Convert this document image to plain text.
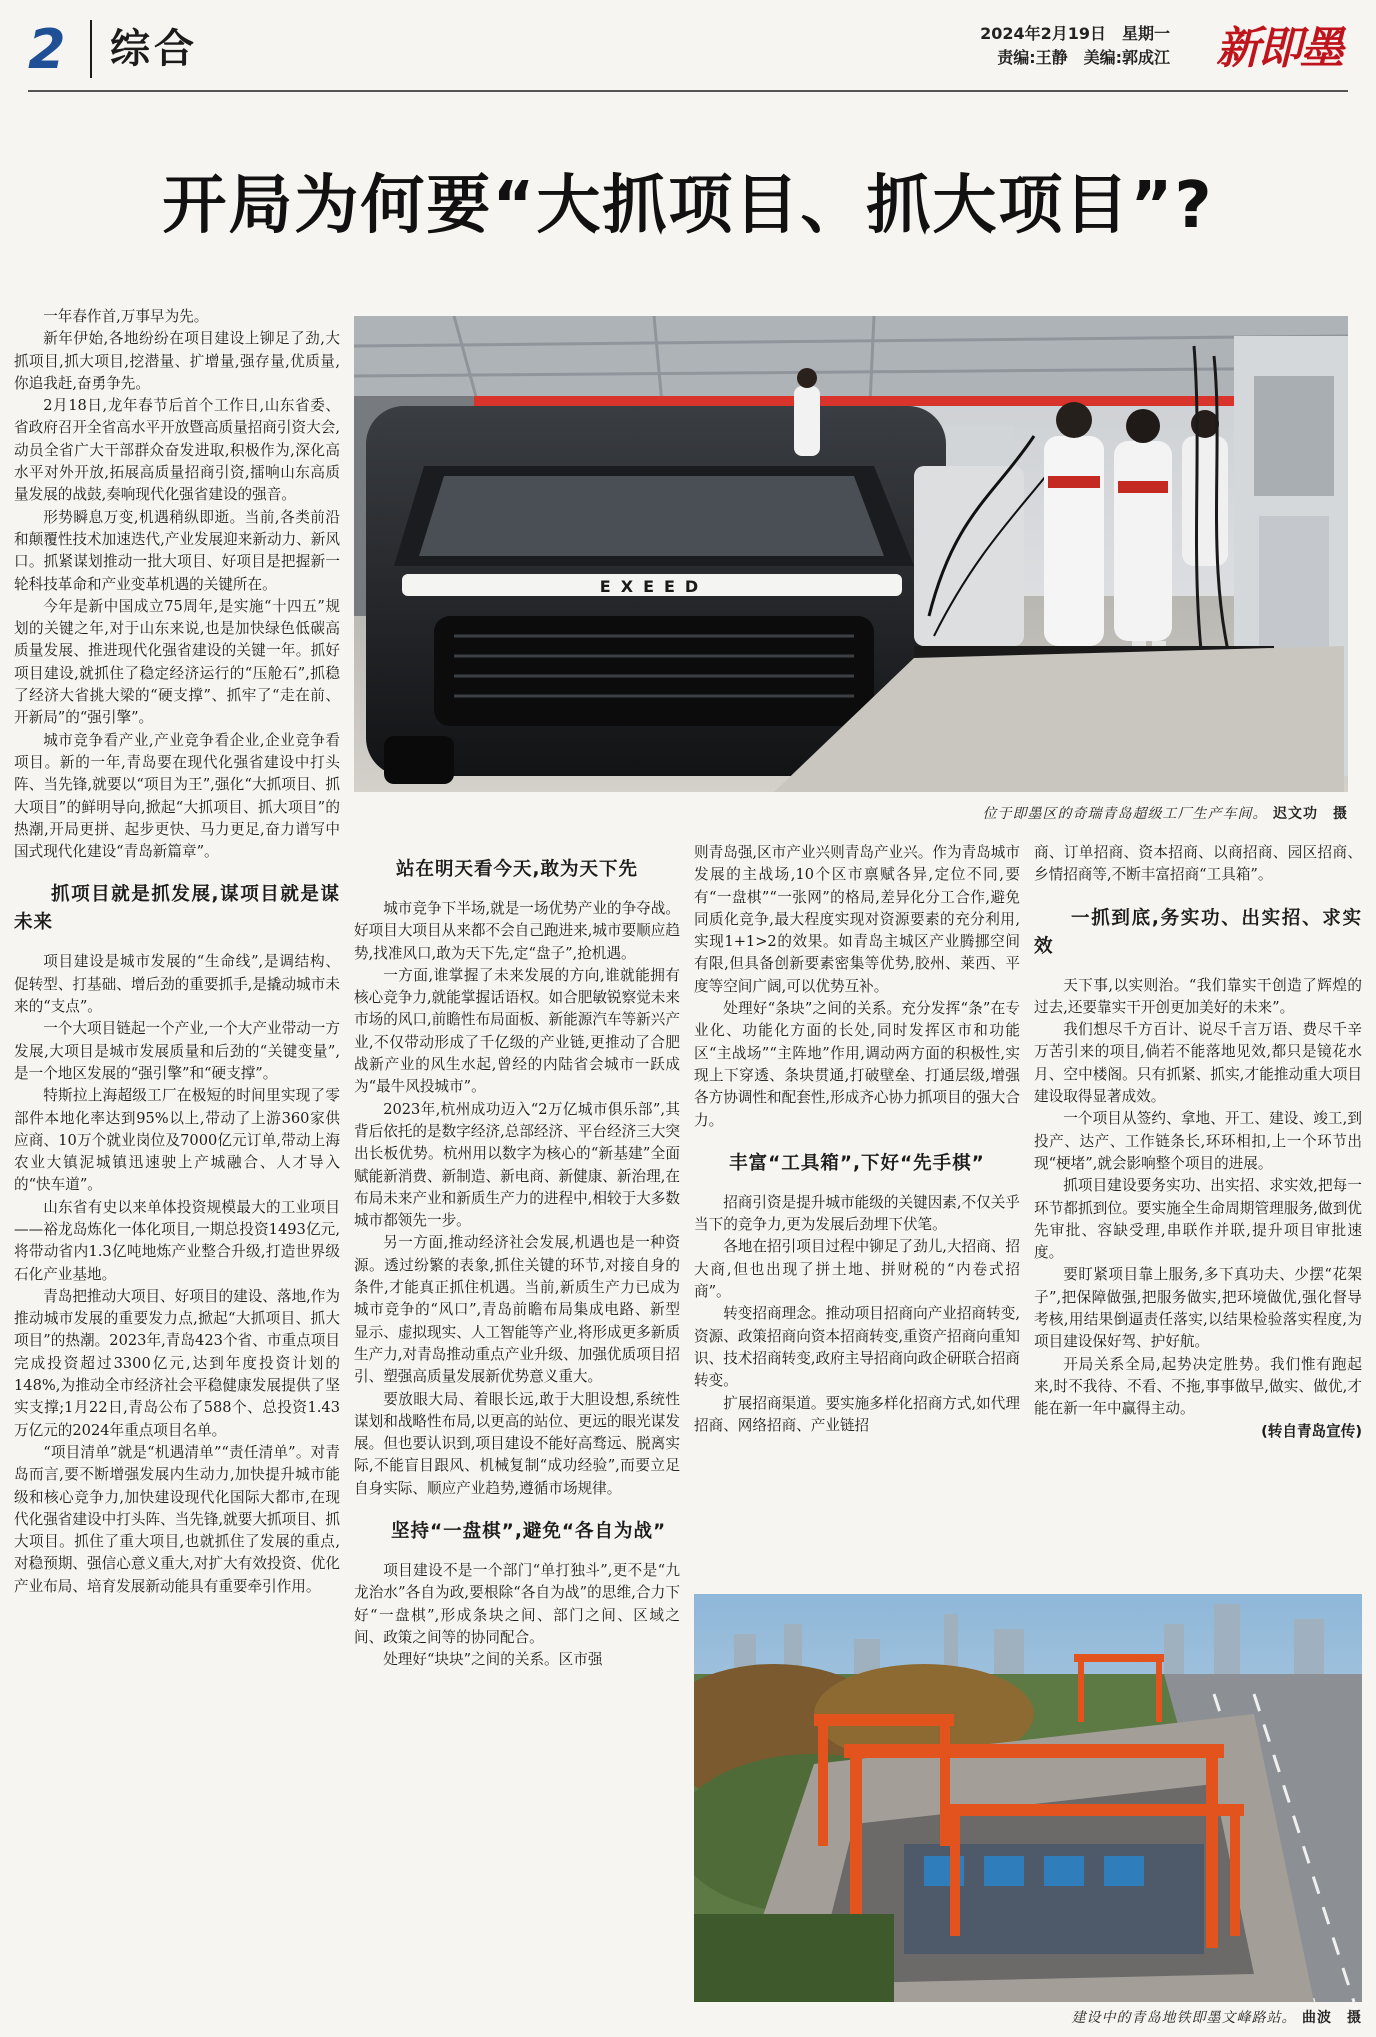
2 综合	2024年2月19日　星期一
责编:王静　美编:郭成江 新即墨
开局为何要“大抓项目、抓大项目”?
EXEED
位于即墨区的奇瑞青岛超级工厂生产车间。 迟文功　摄

一年春作首,万事早为先。

新年伊始,各地纷纷在项目建设上铆足了劲,大抓项目,抓大项目,挖潜量、扩增量,强存量,优质量,你追我赶,奋勇争先。

2月18日,龙年春节后首个工作日,山东省委、省政府召开全省高水平开放暨高质量招商引资大会,动员全省广大干部群众奋发进取,积极作为,深化高水平对外开放,拓展高质量招商引资,擂响山东高质量发展的战鼓,奏响现代化强省建设的强音。

形势瞬息万变,机遇稍纵即逝。当前,各类前沿和颠覆性技术加速迭代,产业发展迎来新动力、新风口。抓紧谋划推动一批大项目、好项目是把握新一轮科技革命和产业变革机遇的关键所在。

今年是新中国成立75周年,是实施“十四五”规划的关键之年,对于山东来说,也是加快绿色低碳高质量发展、推进现代化强省建设的关键一年。抓好项目建设,就抓住了稳定经济运行的“压舱石”,抓稳了经济大省挑大梁的“硬支撑”、抓牢了“走在前、开新局”的“强引擎”。

城市竞争看产业,产业竞争看企业,企业竞争看项目。新的一年,青岛要在现代化强省建设中打头阵、当先锋,就要以“项目为王”,强化“大抓项目、抓大项目”的鲜明导向,掀起“大抓项目、抓大项目”的热潮,开局更拼、起步更快、马力更足,奋力谱写中国式现代化建设“青岛新篇章”。

抓项目就是抓发展,谋项目就是谋未来

项目建设是城市发展的“生命线”,是调结构、促转型、打基础、增后劲的重要抓手,是撬动城市未来的“支点”。

一个大项目链起一个产业,一个大产业带动一方发展,大项目是城市发展质量和后劲的“关键变量”,是一个地区发展的“强引擎”和“硬支撑”。

特斯拉上海超级工厂在极短的时间里实现了零部件本地化率达到95%以上,带动了上游360家供应商、10万个就业岗位及7000亿元订单,带动上海农业大镇泥城镇迅速驶上产城融合、人才导入的“快车道”。

山东省有史以来单体投资规模最大的工业项目——裕龙岛炼化一体化项目,一期总投资1493亿元,将带动省内1.3亿吨地炼产业整合升级,打造世界级石化产业基地。

青岛把推动大项目、好项目的建设、落地,作为推动城市发展的重要发力点,掀起“大抓项目、抓大项目”的热潮。2023年,青岛423个省、市重点项目完成投资超过3300亿元,达到年度投资计划的148%,为推动全市经济社会平稳健康发展提供了坚实支撑;1月22日,青岛公布了588个、总投资1.43万亿元的2024年重点项目名单。

“项目清单”就是“机遇清单”“责任清单”。对青岛而言,要不断增强发展内生动力,加快提升城市能级和核心竞争力,加快建设现代化国际大都市,在现代化强省建设中打头阵、当先锋,就要大抓项目、抓大项目。抓住了重大项目,也就抓住了发展的重点,对稳预期、强信心意义重大,对扩大有效投资、优化产业布局、培育发展新动能具有重要牵引作用。

站在明天看今天,敢为天下先

城市竞争下半场,就是一场优势产业的争夺战。好项目大项目从来都不会自己跑进来,城市要顺应趋势,找准风口,敢为天下先,定“盘子”,抢机遇。

一方面,谁掌握了未来发展的方向,谁就能拥有核心竞争力,就能掌握话语权。如合肥敏锐察觉未来市场的风口,前瞻性布局面板、新能源汽车等新兴产业,不仅带动形成了千亿级的产业链,更推动了合肥战新产业的风生水起,曾经的内陆省会城市一跃成为“最牛风投城市”。

2023年,杭州成功迈入“2万亿城市俱乐部”,其背后依托的是数字经济,总部经济、平台经济三大突出长板优势。杭州用以数字为核心的“新基建”全面赋能新消费、新制造、新电商、新健康、新治理,在布局未来产业和新质生产力的进程中,相较于大多数城市都领先一步。

另一方面,推动经济社会发展,机遇也是一种资源。透过纷繁的表象,抓住关键的环节,对接自身的条件,才能真正抓住机遇。当前,新质生产力已成为城市竞争的“风口”,青岛前瞻布局集成电路、新型显示、虚拟现实、人工智能等产业,将形成更多新质生产力,对青岛推动重点产业升级、加强优质项目招引、塑强高质量发展新优势意义重大。

要放眼大局、着眼长远,敢于大胆设想,系统性谋划和战略性布局,以更高的站位、更远的眼光谋发展。但也要认识到,项目建设不能好高骛远、脱离实际,不能盲目跟风、机械复制“成功经验”,而要立足自身实际、顺应产业趋势,遵循市场规律。

坚持“一盘棋”,避免“各自为战”

项目建设不是一个部门“单打独斗”,更不是“九龙治水”各自为政,要根除“各自为战”的思维,合力下好“一盘棋”,形成条块之间、部门之间、区域之间、政策之间等的协同配合。

处理好“块块”之间的关系。区市强

则青岛强,区市产业兴则青岛产业兴。作为青岛城市发展的主战场,10个区市禀赋各异,定位不同,要有“一盘棋”“一张网”的格局,差异化分工合作,避免同质化竞争,最大程度实现对资源要素的充分利用,实现1+1>2的效果。如青岛主城区产业腾挪空间有限,但具备创新要素密集等优势,胶州、莱西、平度等空间广阔,可以优势互补。

处理好“条块”之间的关系。充分发挥“条”在专业化、功能化方面的长处,同时发挥区市和功能区“主战场”“主阵地”作用,调动两方面的积极性,实现上下穿透、条块贯通,打破壁垒、打通层级,增强各方协调性和配套性,形成齐心协力抓项目的强大合力。

丰富“工具箱”,下好“先手棋”

招商引资是提升城市能级的关键因素,不仅关乎当下的竞争力,更为发展后劲埋下伏笔。

各地在招引项目过程中铆足了劲儿,大招商、招大商,但也出现了拼土地、拼财税的“内卷式招商”。

转变招商理念。推动项目招商向产业招商转变,资源、政策招商向资本招商转变,重资产招商向重知识、技术招商转变,政府主导招商向政企研联合招商转变。

扩展招商渠道。要实施多样化招商方式,如代理招商、网络招商、产业链招

商、订单招商、资本招商、以商招商、园区招商、乡情招商等,不断丰富招商“工具箱”。

一抓到底,务实功、出实招、求实效

天下事,以实则治。“我们靠实干创造了辉煌的过去,还要靠实干开创更加美好的未来”。

我们想尽千方百计、说尽千言万语、费尽千辛万苦引来的项目,倘若不能落地见效,都只是镜花水月、空中楼阁。只有抓紧、抓实,才能推动重大项目建设取得显著成效。

一个项目从签约、拿地、开工、建设、竣工,到投产、达产、工作链条长,环环相扣,上一个环节出现“梗堵”,就会影响整个项目的进展。

抓项目建设要务实功、出实招、求实效,把每一环节都抓到位。要实施全生命周期管理服务,做到优先审批、容缺受理,串联作并联,提升项目审批速度。

要盯紧项目靠上服务,多下真功夫、少摆“花架子”,把保障做强,把服务做实,把环境做优,强化督导考核,用结果倒逼责任落实,以结果检验落实程度,为项目建设保好驾、护好航。

开局关系全局,起势决定胜势。我们惟有跑起来,时不我待、不看、不拖,事事做早,做实、做优,才能在新一年中赢得主动。

(转自青岛宣传)

建设中的青岛地铁即墨文峰路站。 曲波　摄
